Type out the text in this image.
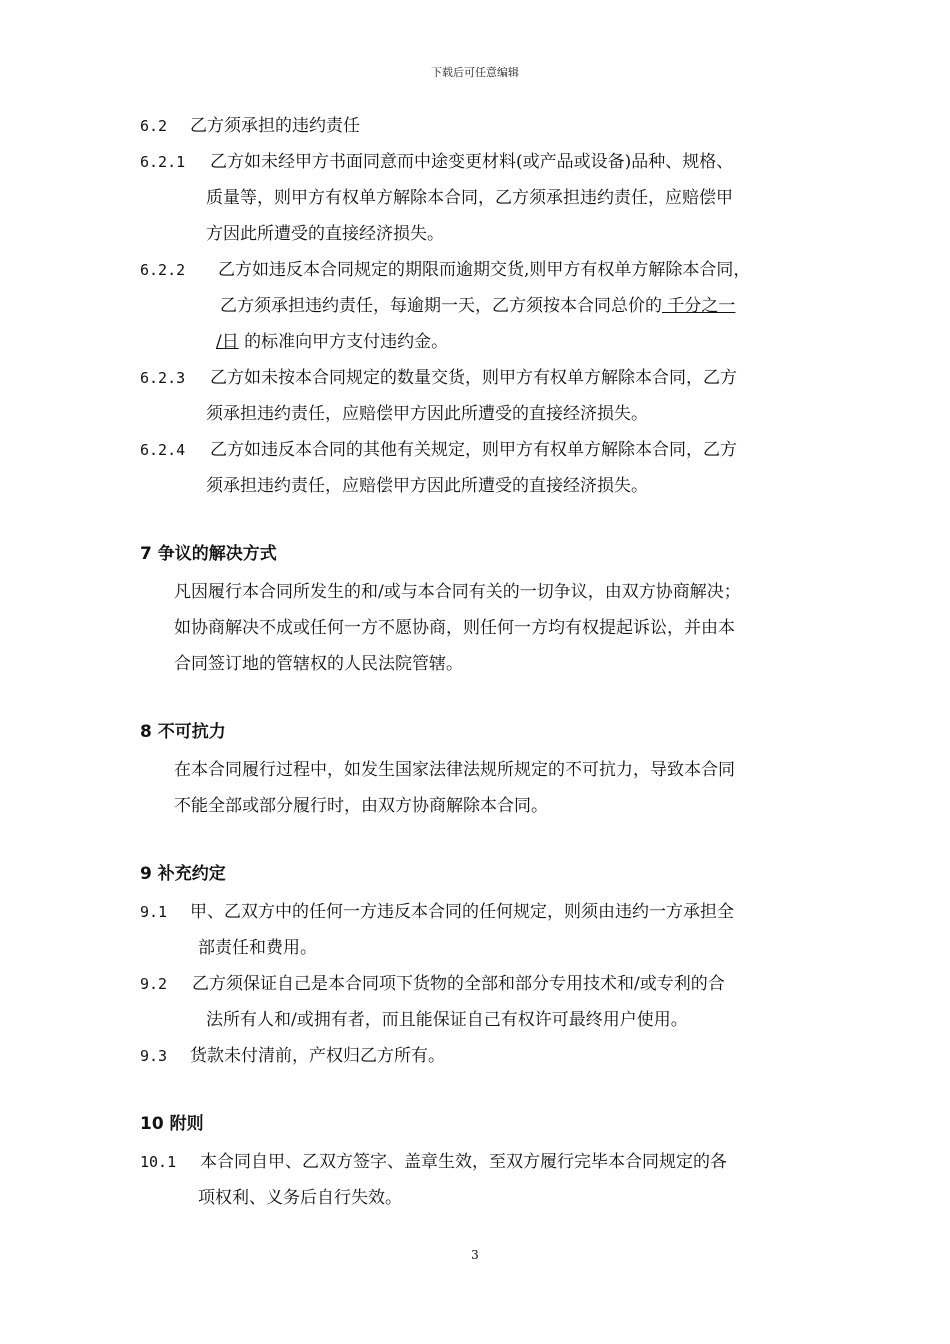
下载后可任意编辑
6.2 乙方须承担的违约责任
6.2.1 乙方如未经甲方书面同意而中途变更材料(或产品或设备)品种、规格、
质量等，则甲方有权单方解除本合同，乙方须承担违约责任，应赔偿甲
方因此所遭受的直接经济损失。
6.2.2 乙方如违反本合同规定的期限而逾期交货,则甲方有权单方解除本合同，
乙方须承担违约责任，每逾期一天，乙方须按本合同总价的 千分之一
/日 的标准向甲方支付违约金。
6.2.3 乙方如未按本合同规定的数量交货，则甲方有权单方解除本合同，乙方
须承担违约责任，应赔偿甲方因此所遭受的直接经济损失。
6.2.4 乙方如违反本合同的其他有关规定，则甲方有权单方解除本合同，乙方
须承担违约责任，应赔偿甲方因此所遭受的直接经济损失。
7 争议的解决方式
凡因履行本合同所发生的和/或与本合同有关的一切争议，由双方协商解决；
如协商解决不成或任何一方不愿协商，则任何一方均有权提起诉讼，并由本
合同签订地的管辖权的人民法院管辖。
8 不可抗力
在本合同履行过程中，如发生国家法律法规所规定的不可抗力，导致本合同
不能全部或部分履行时，由双方协商解除本合同。
9 补充约定
9.1 甲、乙双方中的任何一方违反本合同的任何规定，则须由违约一方承担全
部责任和费用。
9.2 乙方须保证自己是本合同项下货物的全部和部分专用技术和/或专利的合
法所有人和/或拥有者，而且能保证自己有权许可最终用户使用。
9.3 货款未付清前，产权归乙方所有。
10 附则
10.1 本合同自甲、乙双方签字、盖章生效，至双方履行完毕本合同规定的各
项权利、义务后自行失效。
3
